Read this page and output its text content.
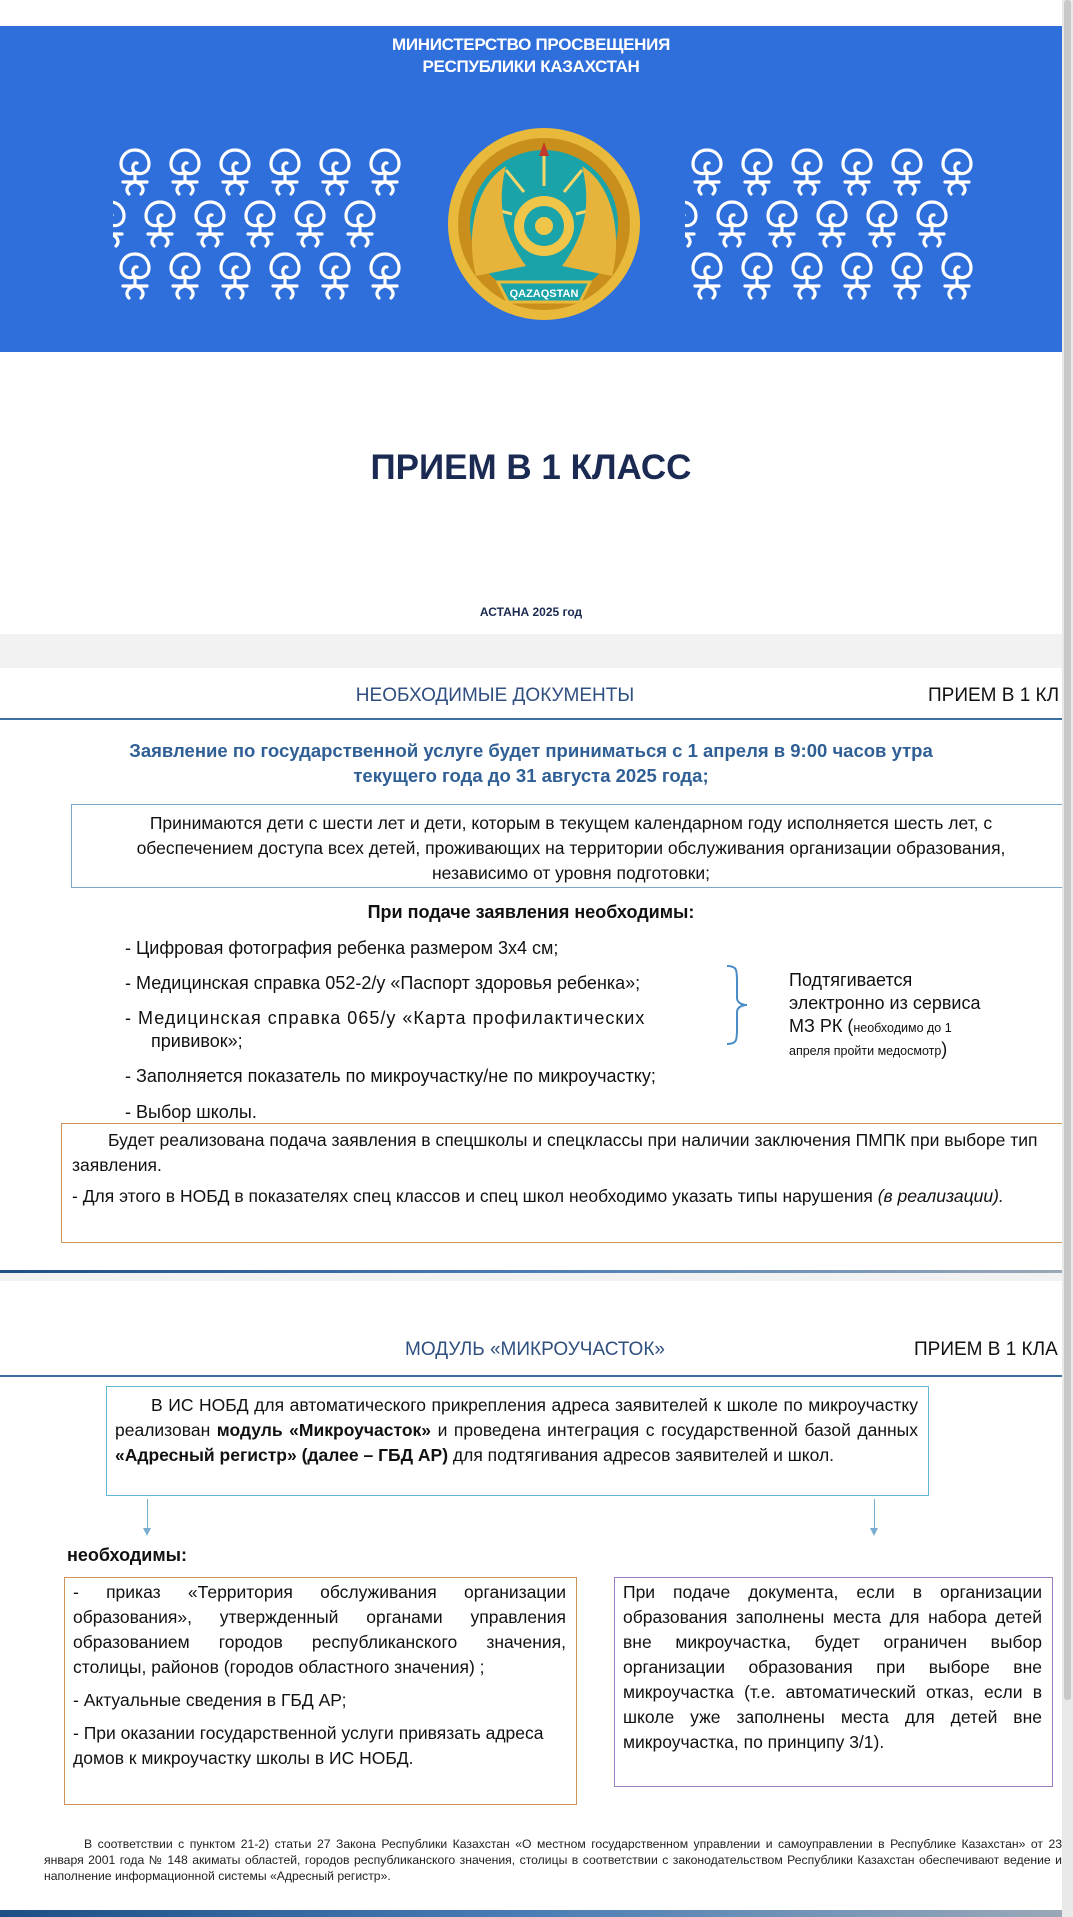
МИНИСТЕРСТВО ПРОСВЕЩЕНИЯ
РЕСПУБЛИКИ КАЗАХСТАН
QAZAQSTAN
ПРИЕМ В 1 КЛАСС
АСТАНА 2025 год
НЕОБХОДИМЫЕ ДОКУМЕНТЫ	ПРИЕМ В 1 КЛ
Заявление по государственной услуге будет приниматься с 1 апреля в 9:00 часов утра
текущего года до 31 августа 2025 года;
Принимаются дети с шести лет и дети, которым в текущем календарном году исполняется шесть лет, с обеспечением доступа всех детей, проживающих на территории обслуживания организации образования, независимо от уровня подготовки;
При подаче заявления необходимы:
- Цифровая фотография ребенка размером 3х4 см;
- Медицинская справка 052-2/у «Паспорт здоровья ребенка»;
- Медицинская справка 065/у «Карта профилактических
прививок»;
- Заполняется показатель по микроучастку/не по микроучастку;
- Выбор школы.
Подтягивается
электронно из сервиса
МЗ РК (необходимо до 1
апреля пройти медосмотр)
Будет реализована подача заявления в спецшколы и спецклассы при наличии заключения ПМПК при выборе тип заявления.
- Для этого в НОБД в показателях спец классов и спец школ необходимо указать типы нарушения (в реализации).
МОДУЛЬ «МИКРОУЧАСТОК»	ПРИЕМ В 1 КЛА
В ИС НОБД для автоматического прикрепления адреса заявителей к школе по микроучастку реализован модуль «Микроучасток» и проведена интеграция с государственной базой данных «Адресный регистр» (далее – ГБД АР) для подтягивания адресов заявителей и школ.
необходимы:
- приказ «Территория обслуживания организации образования», утвержденный органами управления образованием городов республиканского значения, столицы, районов (городов областного значения) ;
- Актуальные сведения в ГБД АР;
- При оказании государственной услуги привязать адреса домов к микроучастку школы в ИС НОБД.
При подаче документа, если в организации образования заполнены места для набора детей вне микроучастка, будет ограничен выбор организации образования при выборе вне микроучастка (т.е. автоматический отказ, если в школе уже заполнены места для детей вне микроучастка, по принципу 3/1).
В соответствии с пунктом 21-2) статьи 27 Закона Республики Казахстан «О местном государственном управлении и самоуправлении в Республике Казахстан» от 23 января 2001 года № 148 акиматы областей, городов республиканского значения, столицы в соответствии с законодательством Республики Казахстан обеспечивают ведение и наполнение информационной системы «Адресный регистр».
